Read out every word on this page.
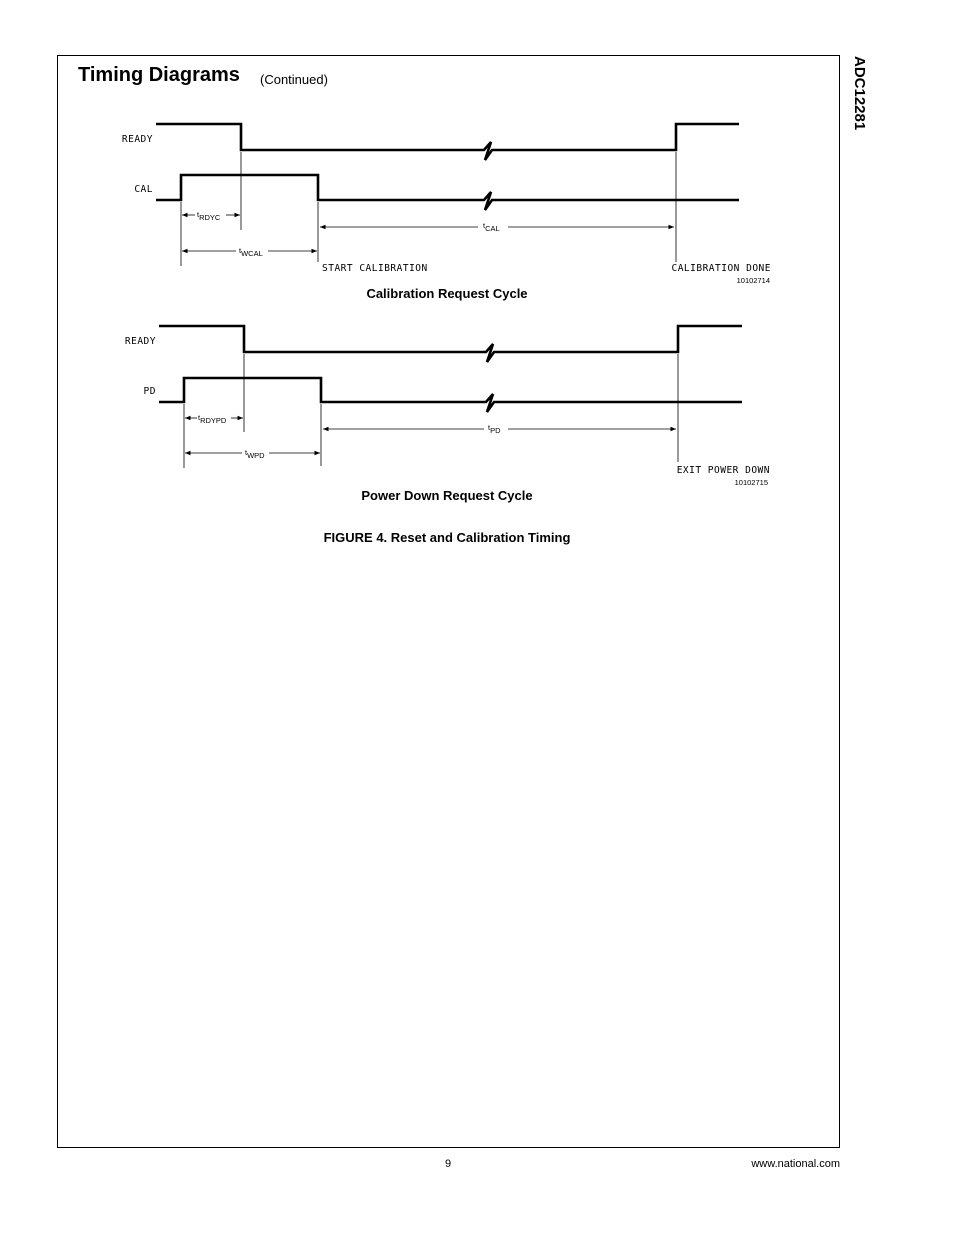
Timing Diagrams (Continued)	ADC12281
tRDYC
tCAL
tWCAL
READY
CAL
START CALIBRATION	CALIBRATION DONE
10102714
tRDYPD
tPD
tWPD
READY
PD
EXIT POWER DOWN
10102715
Calibration Request Cycle
Power Down Request Cycle
FIGURE 4. Reset and Calibration Timing
9	www.national.com
